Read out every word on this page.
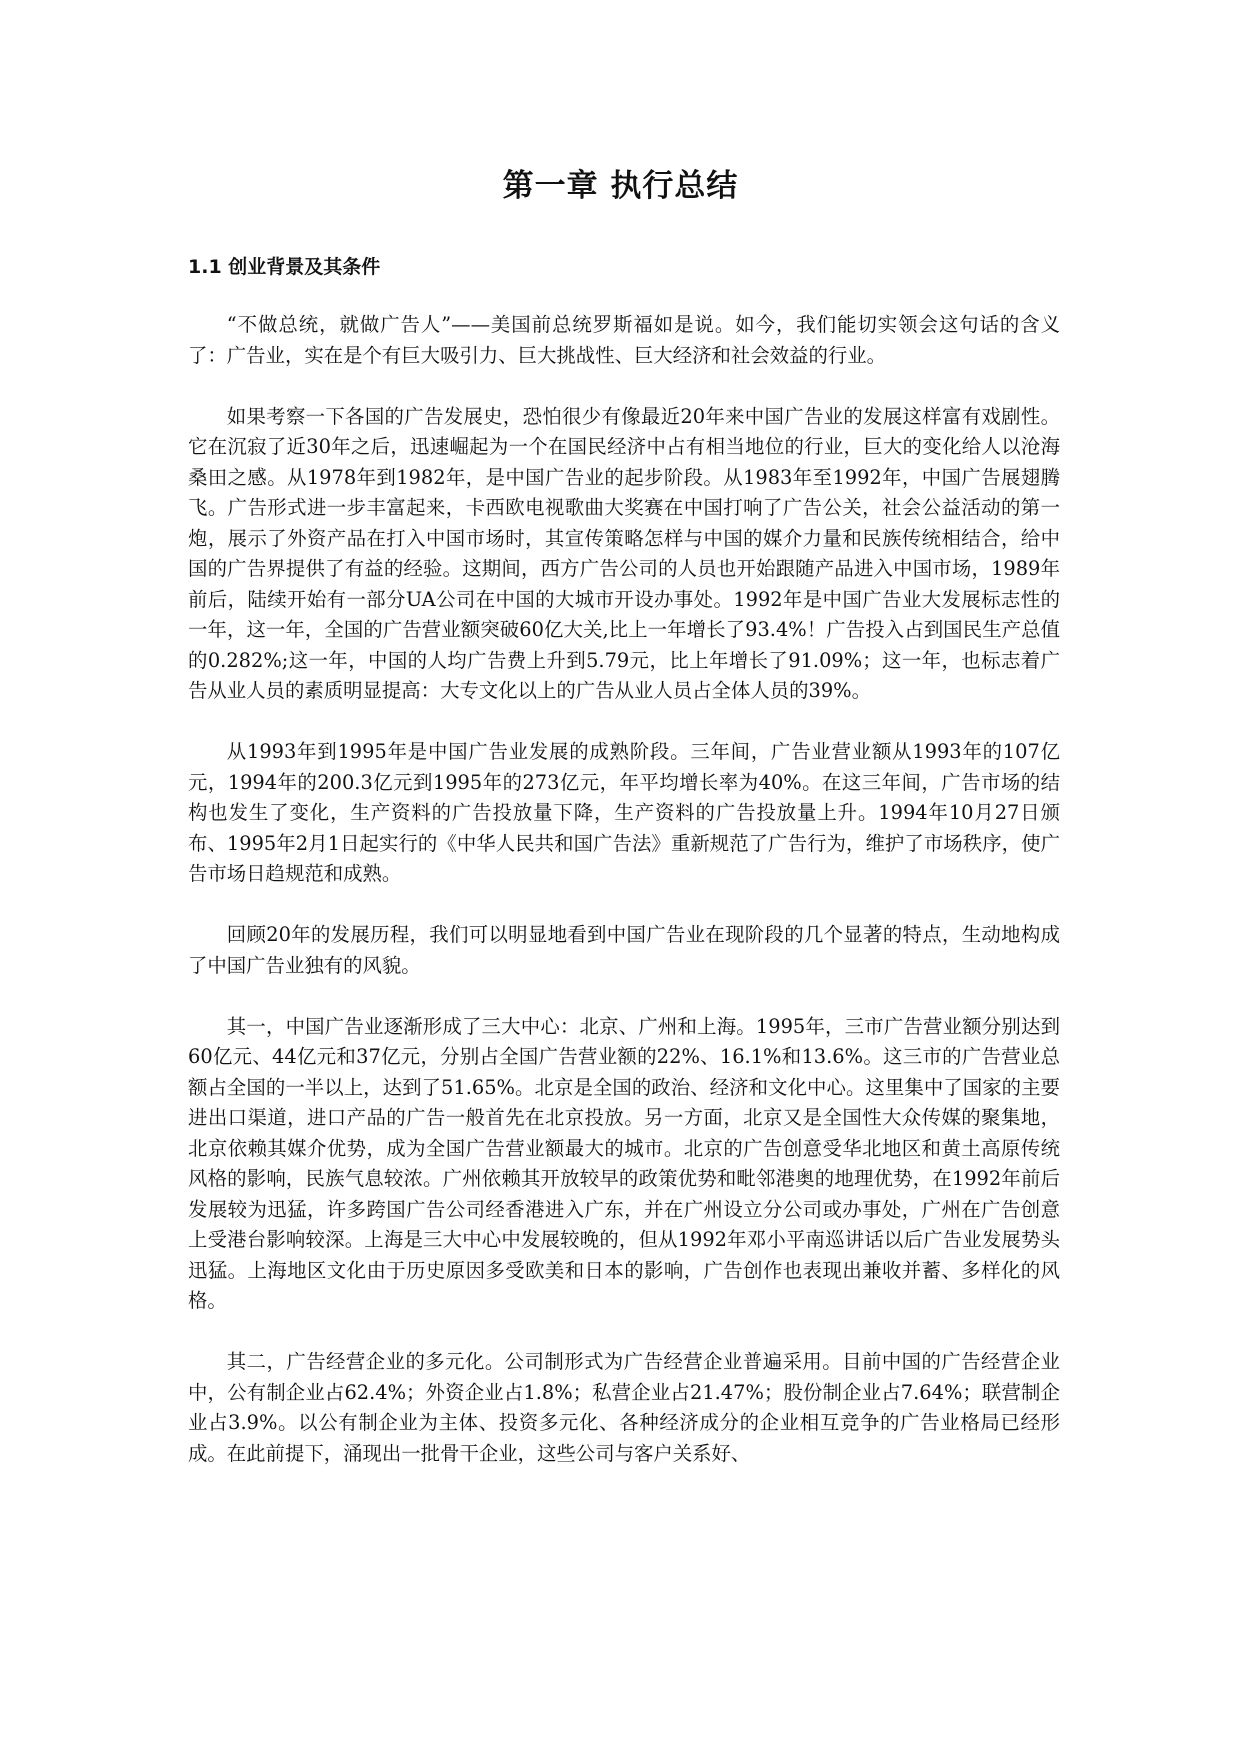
第一章 执行总结
1.1 创业背景及其条件

“不做总统，就做广告人”——美国前总统罗斯福如是说。如今，我们能切实领会这句话的含义了：广告业，实在是个有巨大吸引力、巨大挑战性、巨大经济和社会效益的行业。

如果考察一下各国的广告发展史，恐怕很少有像最近20年来中国广告业的发展这样富有戏剧性。它在沉寂了近30年之后，迅速崛起为一个在国民经济中占有相当地位的行业，巨大的变化给人以沧海桑田之感。从1978年到1982年，是中国广告业的起步阶段。从1983年至1992年，中国广告展翅腾飞。广告形式进一步丰富起来，卡西欧电视歌曲大奖赛在中国打响了广告公关，社会公益活动的第一炮，展示了外资产品在打入中国市场时，其宣传策略怎样与中国的媒介力量和民族传统相结合，给中国的广告界提供了有益的经验。这期间，西方广告公司的人员也开始跟随产品进入中国市场，1989年前后，陆续开始有一部分UA公司在中国的大城市开设办事处。1992年是中国广告业大发展标志性的一年，这一年，全国的广告营业额突破60亿大关,比上一年增长了93.4%！广告投入占到国民生产总值的0.282%;这一年，中国的人均广告费上升到5.79元，比上年增长了91.09%；这一年，也标志着广告从业人员的素质明显提高：大专文化以上的广告从业人员占全体人员的39%。

从1993年到1995年是中国广告业发展的成熟阶段。三年间，广告业营业额从1993年的107亿元，1994年的200.3亿元到1995年的273亿元，年平均增长率为40%。在这三年间，广告市场的结构也发生了变化，生产资料的广告投放量下降，生产资料的广告投放量上升。1994年10月27日颁布、1995年2月1日起实行的《中华人民共和国广告法》重新规范了广告行为，维护了市场秩序，使广告市场日趋规范和成熟。

回顾20年的发展历程，我们可以明显地看到中国广告业在现阶段的几个显著的特点，生动地构成了中国广告业独有的风貌。

其一，中国广告业逐渐形成了三大中心：北京、广州和上海。1995年，三市广告营业额分别达到60亿元、44亿元和37亿元，分别占全国广告营业额的22%、16.1%和13.6%。这三市的广告营业总额占全国的一半以上，达到了51.65%。北京是全国的政治、经济和文化中心。这里集中了国家的主要进出口渠道，进口产品的广告一般首先在北京投放。另一方面，北京又是全国性大众传媒的聚集地，北京依赖其媒介优势，成为全国广告营业额最大的城市。北京的广告创意受华北地区和黄土高原传统风格的影响，民族气息较浓。广州依赖其开放较早的政策优势和毗邻港奥的地理优势，在1992年前后发展较为迅猛，许多跨国广告公司经香港进入广东，并在广州设立分公司或办事处，广州在广告创意上受港台影响较深。上海是三大中心中发展较晚的，但从1992年邓小平南巡讲话以后广告业发展势头迅猛。上海地区文化由于历史原因多受欧美和日本的影响，广告创作也表现出兼收并蓄、多样化的风格。

其二，广告经营企业的多元化。公司制形式为广告经营企业普遍采用。目前中国的广告经营企业中，公有制企业占62.4%；外资企业占1.8%；私营企业占21.47%；股份制企业占7.64%；联营制企业占3.9%。以公有制企业为主体、投资多元化、各种经济成分的企业相互竞争的广告业格局已经形成。在此前提下，涌现出一批骨干企业，这些公司与客户关系好、
